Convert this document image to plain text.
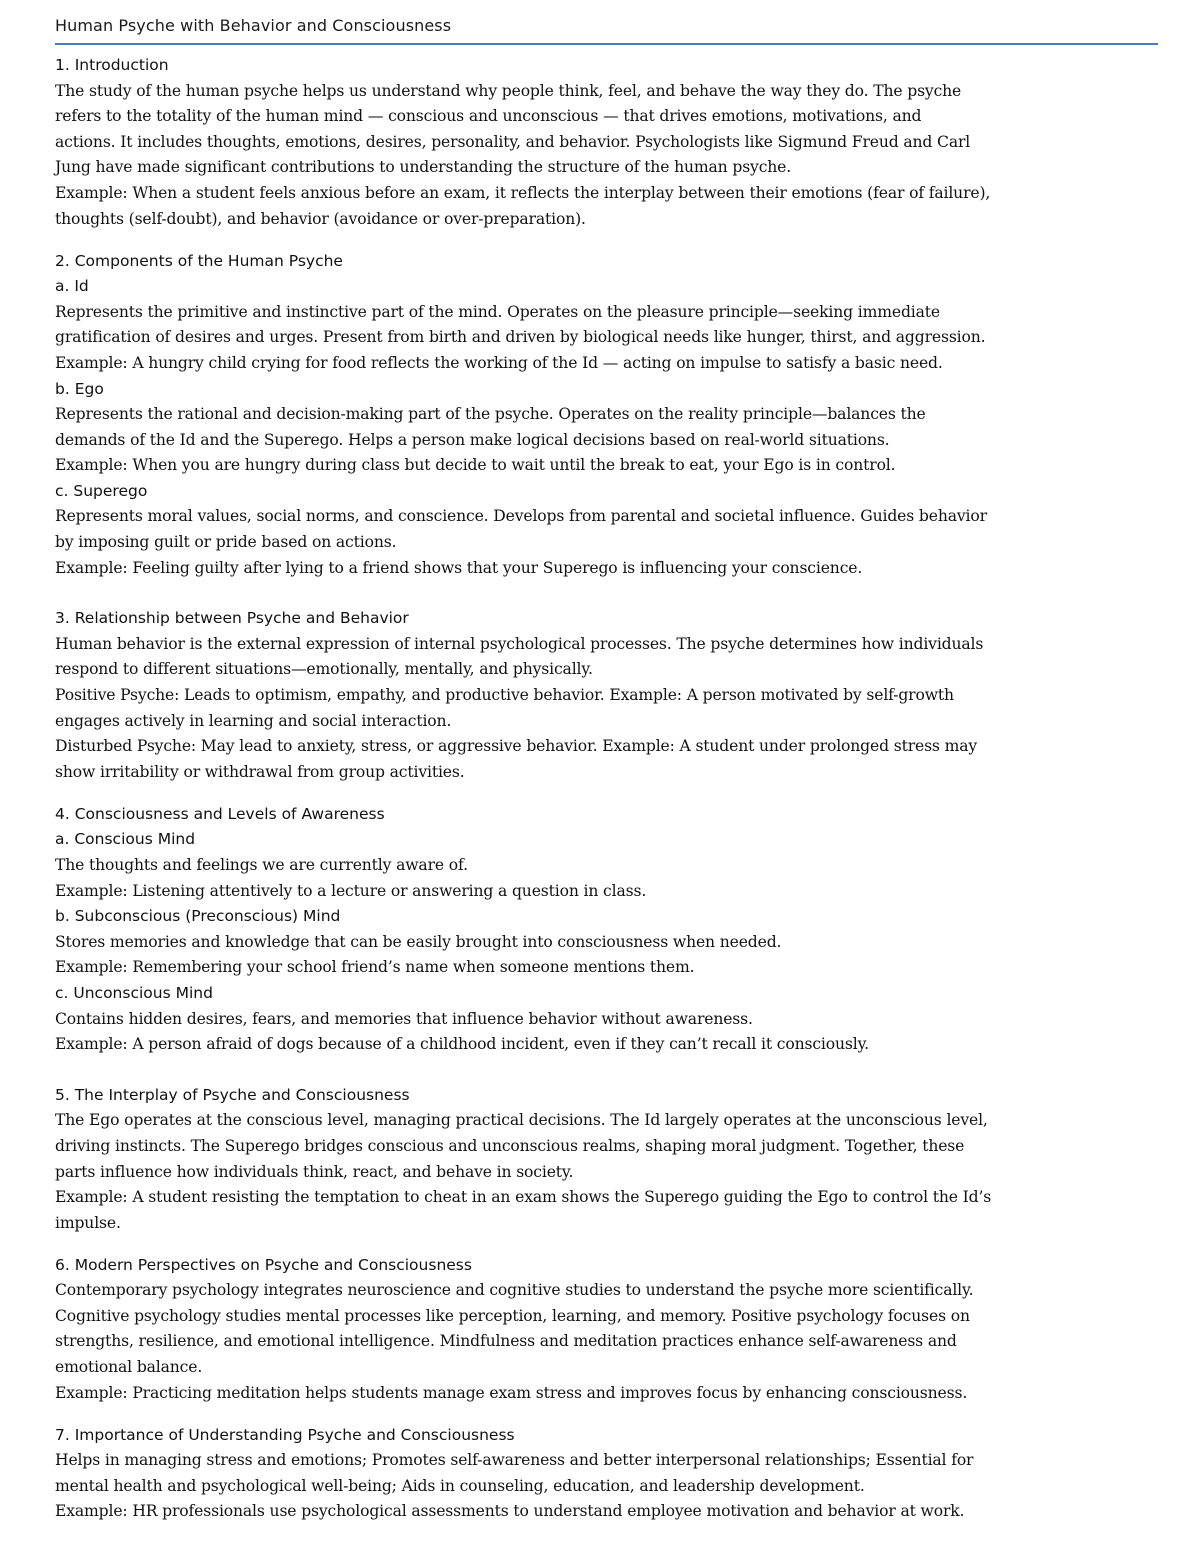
Human Psyche with Behavior and Consciousness
1. Introduction
The study of the human psyche helps us understand why people think, feel, and behave the way they do. The psyche
refers to the totality of the human mind — conscious and unconscious — that drives emotions, motivations, and
actions. It includes thoughts, emotions, desires, personality, and behavior. Psychologists like Sigmund Freud and Carl
Jung have made significant contributions to understanding the structure of the human psyche.
Example: When a student feels anxious before an exam, it reflects the interplay between their emotions (fear of failure),
thoughts (self-doubt), and behavior (avoidance or over-preparation).
2. Components of the Human Psyche
a. Id
Represents the primitive and instinctive part of the mind. Operates on the pleasure principle—seeking immediate
gratification of desires and urges. Present from birth and driven by biological needs like hunger, thirst, and aggression.
Example: A hungry child crying for food reflects the working of the Id — acting on impulse to satisfy a basic need.
b. Ego
Represents the rational and decision-making part of the psyche. Operates on the reality principle—balances the
demands of the Id and the Superego. Helps a person make logical decisions based on real-world situations.
Example: When you are hungry during class but decide to wait until the break to eat, your Ego is in control.
c. Superego
Represents moral values, social norms, and conscience. Develops from parental and societal influence. Guides behavior
by imposing guilt or pride based on actions.
Example: Feeling guilty after lying to a friend shows that your Superego is influencing your conscience.
3. Relationship between Psyche and Behavior
Human behavior is the external expression of internal psychological processes. The psyche determines how individuals
respond to different situations—emotionally, mentally, and physically.
Positive Psyche: Leads to optimism, empathy, and productive behavior. Example: A person motivated by self-growth
engages actively in learning and social interaction.
Disturbed Psyche: May lead to anxiety, stress, or aggressive behavior. Example: A student under prolonged stress may
show irritability or withdrawal from group activities.
4. Consciousness and Levels of Awareness
a. Conscious Mind
The thoughts and feelings we are currently aware of.
Example: Listening attentively to a lecture or answering a question in class.
b. Subconscious (Preconscious) Mind
Stores memories and knowledge that can be easily brought into consciousness when needed.
Example: Remembering your school friend’s name when someone mentions them.
c. Unconscious Mind
Contains hidden desires, fears, and memories that influence behavior without awareness.
Example: A person afraid of dogs because of a childhood incident, even if they can’t recall it consciously.
5. The Interplay of Psyche and Consciousness
The Ego operates at the conscious level, managing practical decisions. The Id largely operates at the unconscious level,
driving instincts. The Superego bridges conscious and unconscious realms, shaping moral judgment. Together, these
parts influence how individuals think, react, and behave in society.
Example: A student resisting the temptation to cheat in an exam shows the Superego guiding the Ego to control the Id’s
impulse.
6. Modern Perspectives on Psyche and Consciousness
Contemporary psychology integrates neuroscience and cognitive studies to understand the psyche more scientifically.
Cognitive psychology studies mental processes like perception, learning, and memory. Positive psychology focuses on
strengths, resilience, and emotional intelligence. Mindfulness and meditation practices enhance self-awareness and
emotional balance.
Example: Practicing meditation helps students manage exam stress and improves focus by enhancing consciousness.
7. Importance of Understanding Psyche and Consciousness
Helps in managing stress and emotions; Promotes self-awareness and better interpersonal relationships; Essential for
mental health and psychological well-being; Aids in counseling, education, and leadership development.
Example: HR professionals use psychological assessments to understand employee motivation and behavior at work.
